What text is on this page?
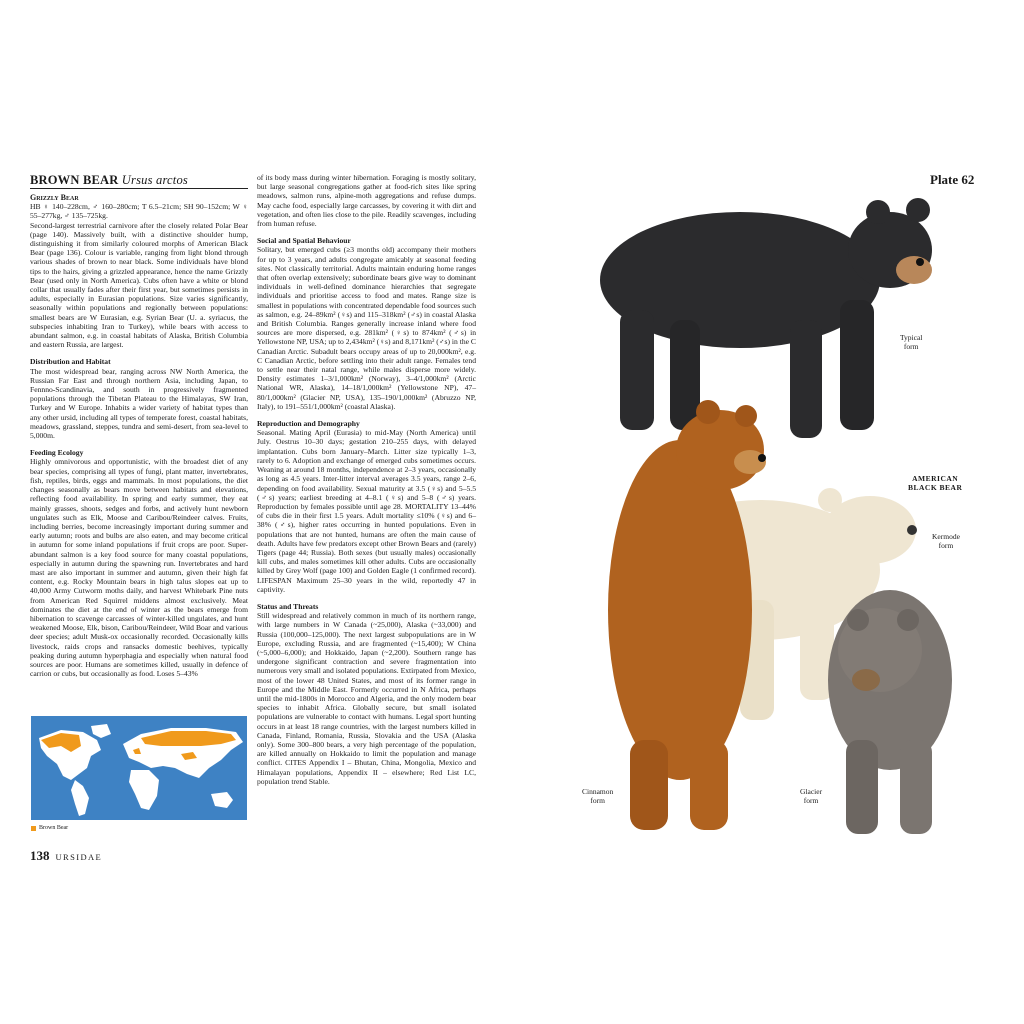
BROWN BEAR Ursus arctos
Grizzly Bear

HB ♀ 140–228cm, ♂ 160–280cm; T 6.5–21cm; SH 90–152cm; W ♀ 55–277kg, ♂ 135–725kg.

Second-largest terrestrial carnivore after the closely related Polar Bear (page 140). Massively built, with a distinctive shoulder hump, distinguishing it from similarly coloured morphs of American Black Bear (page 136). Colour is variable, ranging from light blond through various shades of brown to near black. Some individuals have blond tips to the hairs, giving a grizzled appearance, hence the name Grizzly Bear (used only in North America). Cubs often have a white or blond collar that usually fades after their first year, but sometimes persists in adults, especially in Eurasian populations. Size varies significantly, seasonally within populations and regionally between populations: smallest bears are W Eurasian, e.g. Syrian Bear (U. a. syriacus, the subspecies inhabiting Iran to Turkey), while bears with access to abundant salmon, e.g. in coastal habitats of Alaska, British Columbia and eastern Russia, are largest.

Distribution and Habitat

The most widespread bear, ranging across NW North America, the Russian Far East and through northern Asia, including Japan, to Fennno-Scandinavia, and south in progressively fragmented populations through the Tibetan Plateau to the Himalayas, SW Iran, Turkey and W Europe. Inhabits a wider variety of habitat types than any other ursid, including all types of temperate forest, coastal habitats, meadows, grassland, steppes, tundra and semi-desert, from sea-level to 5,000m.

Feeding Ecology

Highly omnivorous and opportunistic, with the broadest diet of any bear species, comprising all types of fungi, plant matter, invertebrates, fish, reptiles, birds, eggs and mammals. In most populations, the diet changes seasonally as bears move between habitats and elevations, reflecting food availability. In spring and early summer, they eat mainly grasses, shoots, sedges and forbs, and actively hunt newborn ungulates such as Elk, Moose and Caribou/Reindeer calves. Fruits, including berries, become increasingly important during summer and early autumn; roots and bulbs are also eaten, and may become critical in autumn for some inland populations if fruit crops are poor. Super-abundant salmon is a key food source for many coastal populations, especially in autumn during the spawning run. Invertebrates and hard mast are also important in summer and autumn, given their high fat content, e.g. Rocky Mountain bears in high talus slopes eat up to 40,000 Army Cutworm moths daily, and harvest Whitebark Pine nuts from American Red Squirrel middens almost exclusively. Meat dominates the diet at the end of winter as the bears emerge from hibernation to scavenge carcasses of winter-killed ungulates, and hunt weakened Moose, Elk, bison, Caribou/Reindeer, Wild Boar and various deer species; adult Musk-ox occasionally recorded. Occasionally kills livestock, raids crops and ransacks domestic beehives, typically peaking during autumn hyperphagia and especially when natural food sources are poor. Humans are sometimes killed, usually in defence of carrion or cubs, but occasionally as food. Loses 5–43%

of its body mass during winter hibernation. Foraging is mostly solitary, but large seasonal congregations gather at food-rich sites like spring meadows, salmon runs, alpine-moth aggregations and refuse dumps. May cache food, especially large carcasses, by covering it with dirt and vegetation, and often lies close to the pile. Readily scavenges, including from human refuse.

Social and Spatial Behaviour

Solitary, but emerged cubs (≥3 months old) accompany their mothers for up to 3 years, and adults congregate amicably at seasonal feeding sites. Not classically territorial. Adults maintain enduring home ranges that often overlap extensively; subordinate bears give way to dominant individuals in well-defined dominance hierarchies that segregate individuals and prioritise access to food and mates. Range size is smallest in populations with concentrated dependable food sources such as salmon, e.g. 24–89km² (♀s) and 115–318km² (♂s) in coastal Alaska and British Columbia. Ranges generally increase inland where food sources are more dispersed, e.g. 281km² (♀s) to 874km² (♂s) in Yellowstone NP, USA; up to 2,434km² (♀s) and 8,171km² (♂s) in the C Canadian Arctic. Subadult bears occupy areas of up to 20,000km², e.g. C Canadian Arctic, before settling into their adult range. Females tend to settle near their natal range, while males disperse more widely. Density estimates 1–3/1,000km² (Norway), 3–4/1,000km² (Arctic National WR, Alaska), 14–18/1,000km² (Yellowstone NP), 47–80/1,000km² (Glacier NP, USA), 135–190/1,000km² (Abruzzo NP, Italy), to 191–551/1,000km² (coastal Alaska).

Reproduction and Demography

Seasonal. Mating April (Eurasia) to mid-May (North America) until July. Oestrus 10–30 days; gestation 210–255 days, with delayed implantation. Cubs born January–March. Litter size typically 1–3, rarely to 6. Adoption and exchange of emerged cubs sometimes occurs. Weaning at around 18 months, independence at 2–3 years, occasionally as long as 4.5 years. Inter-litter interval averages 3.5 years, range 2–6, depending on food availability. Sexual maturity at 3.5 (♀s) and 5–5.5 (♂s) years; earliest breeding at 4–8.1 (♀s) and 5–8 (♂s) years. Reproduction by females possible until age 28. MORTALITY 13–44% of cubs die in their first 1.5 years. Adult mortality ≤10% (♀s) and 6–38% (♂s), higher rates occurring in hunted populations. Even in populations that are not hunted, humans are often the main cause of death. Adults have few predators except other Brown Bears and (rarely) Tigers (page 44; Russia). Both sexes (but usually males) occasionally kill cubs, and males sometimes kill other adults. Cubs are occasionally killed by Grey Wolf (page 100) and Golden Eagle (1 confirmed record). LIFESPAN Maximum 25–30 years in the wild, reportedly 47 in captivity.

Status and Threats

Still widespread and relatively common in much of its northern range, with large numbers in W Canada (~25,000), Alaska (~33,000) and Russia (100,000–125,000). The next largest subpopulations are in W Europe, excluding Russia, and are fragmented (~15,400); W China (~5,000–6,000); and Hokkaido, Japan (~2,200). Southern range has undergone significant contraction and severe fragmentation into numerous very small and isolated populations. Extirpated from Mexico, most of the lower 48 United States, and most of its former range in Europe and the Middle East. Formerly occurred in N Africa, perhaps until the mid-1800s in Morocco and Algeria, and the only modern bear species to inhabit Africa. Globally secure, but small isolated populations are vulnerable to contact with humans. Legal sport hunting occurs in at least 18 range countries, with the largest numbers killed in Canada, Finland, Romania, Russia, Slovakia and the USA (Alaska only). Some 300–800 bears, a very high percentage of the population, are killed annually on Hokkaido to limit the population and manage conflict. CITES Appendix I – Bhutan, China, Mongolia, Mexico and Himalayan populations, Appendix II – elsewhere; Red List LC, population trend Stable.

Brown Bear
138 URSIDAE
Plate 62
Typical
form
AMERICAN
BLACK BEAR
Kermode
form
Cinnamon
form
Glacier
form
